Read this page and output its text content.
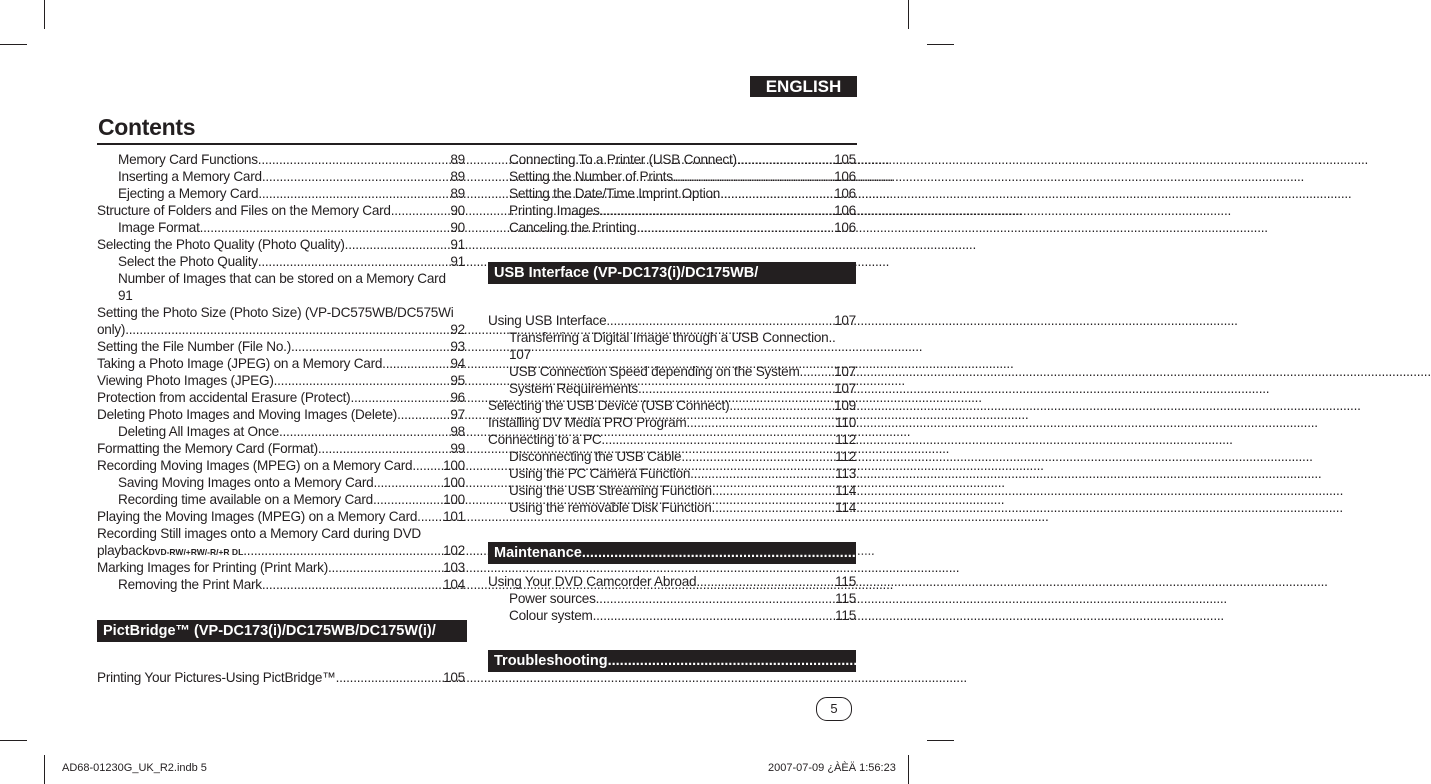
ENGLISH
Contents
Memory Card Functions .....	89
Inserting a Memory Card .....	89
Ejecting a Memory Card .....	89
Structure of Folders and Files on the Memory Card .....	90
Image Format .....	90
Selecting the Photo Quality (Photo Quality) .....	91
Select the Photo Quality .....	91
Number of Images that can be stored on a Memory Card
91
Setting the Photo Size (Photo Size) (VP-DC575WB/DC575Wi
only) .....	92
Setting the File Number (File No.) .....	93
Taking a Photo Image (JPEG) on a Memory Card .....	94
Viewing Photo Images (JPEG) .....	95
Protection from accidental Erasure (Protect) .....	96
Deleting Photo Images and Moving Images (Delete) .....	97
Deleting All Images at Once .....	98
Formatting the Memory Card (Format) .....	99
Recording Moving Images (MPEG) on a Memory Card ..... 100
Saving Moving Images onto a Memory Card .....	100
Recording time available on a Memory Card .....	100
Playing the Moving Images (MPEG) on a Memory Card ..... 101
Recording Still images onto a Memory Card during DVD
playback DVD-RW/+RW/-R/+R DL .....	102
Marking Images for Printing (Print Mark) .....	103
Removing the Print Mark .....	104
PictBridge™ (VP-DC173(i)/DC175WB/DC175W(i)/
Printing Your Pictures-Using PictBridge™ .....	105
Connecting To a Printer (USB Connect) .....	105
Setting the Number of Prints .....	106
Setting the Date/Time Imprint Option .....	106
Printing Images .....	106
Canceling the Printing .....	106
USB Interface (VP-DC173(i)/DC175WB/
Using USB Interface .....	107
Transferring a Digital Image through a USB Connection..
107
USB Connection Speed depending on the System .....	107
System Requirements .....	107
Selecting the USB Device (USB Connect) .....	109
Installing DV Media PRO Program .....	110
Connecting to a PC .....	112
Disconnecting the USB Cable .....	112
Using the PC Camera Function .....	113
Using the USB Streaming Function .....	114
Using the removable Disk Function .....	114
Maintenance .....	115
Using Your DVD Camcorder Abroad .....	115
Power sources .....	115
Colour system .....	115
Troubleshooting .....	116
5
AD68-01230G_UK_R2.indb 5	2007-07-09 ¿ÀÈÄ 1:56:23
